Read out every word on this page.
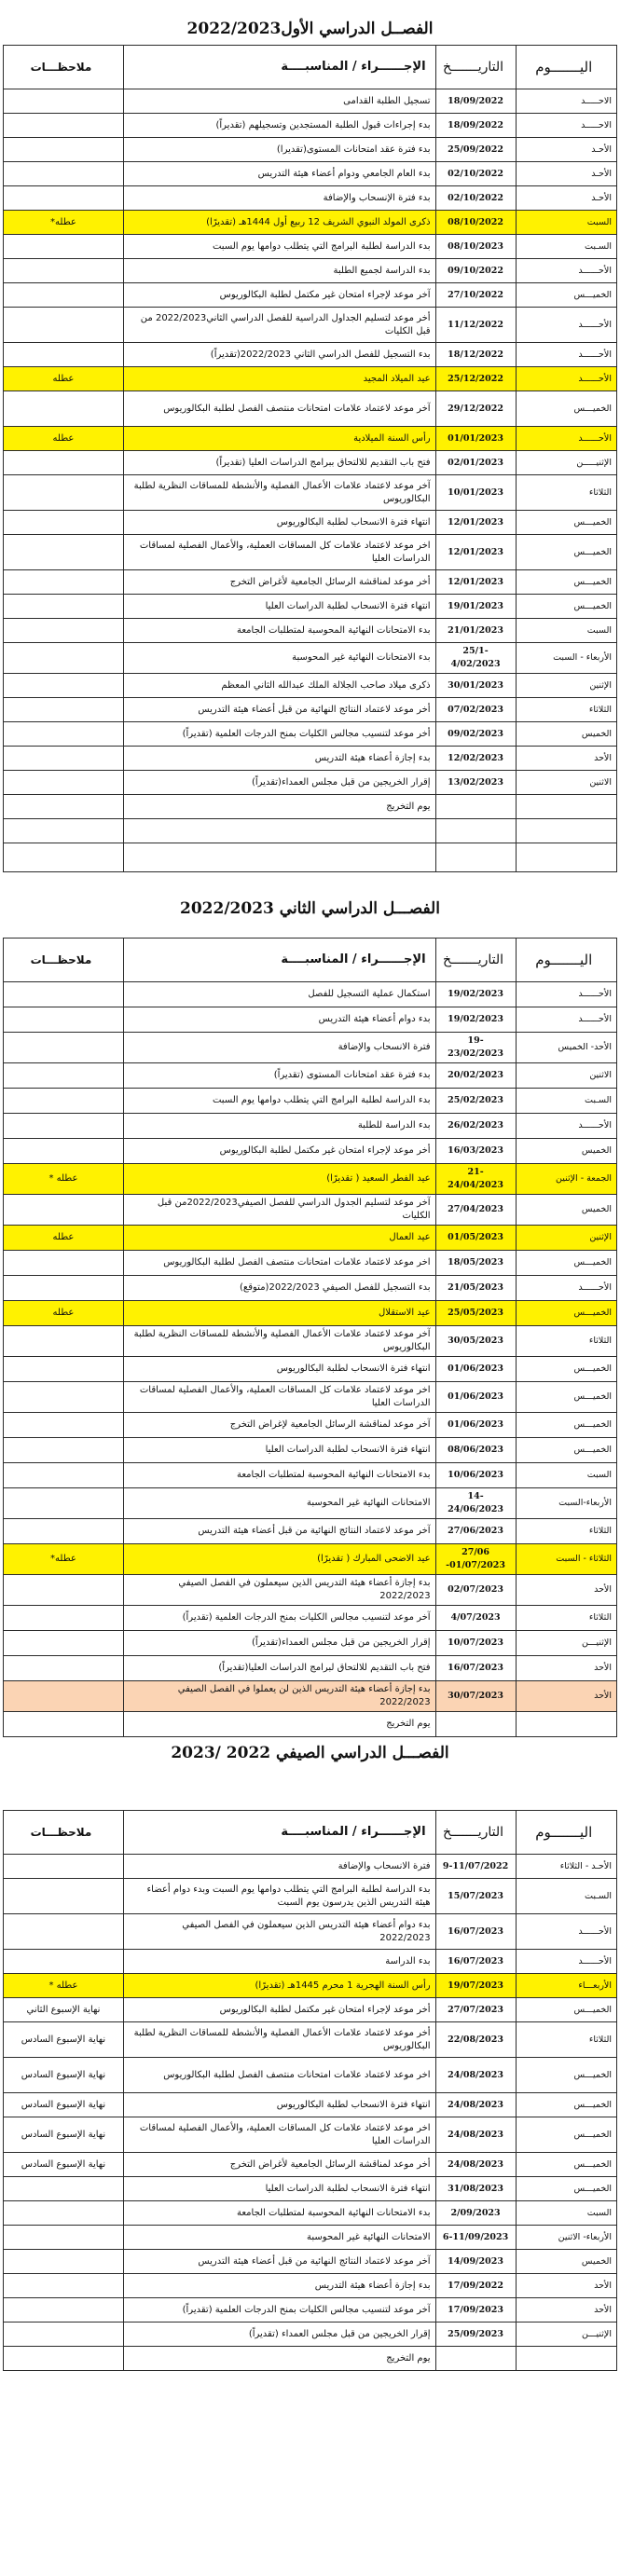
الفصــل الدراسي الأول2022/2023
اليـــــــوم	التاريـــــــخ	الإجــــــراء / المناسبــــة	ملاحظـــات
الاحـــــد	18/09/2022	تسجيل الطلبة القدامى	
الاحـــــد	18/09/2022	بدء إجراءات قبول الطلبة المستجدين وتسجيلهم (تقديراً)	
الأحـد	25/09/2022	بدء فترة عقد امتحانات المستوى(تقديرا)	
الأحـد	02/10/2022	بدء العام الجامعي ودوام أعضاء هيئة التدريس	
الأحـد	02/10/2022	بدء فترة الإنسحاب والإضافة	
السبت	08/10/2022	ذكرى المولد النبوي الشريف 12 ربيع أول 1444هـ (تقديرًا)	عطله*
السـبت	08/10/2023	بدء الدراسة لطلبة البرامج التي يتطلب دوامها يوم السبت	
الأحــــــد	09/10/2022	بدء الدراسة لجميع الطلبة	
الخميـــس	27/10/2022	آخر موعد لإجراء امتحان غير مكتمل لطلبة البكالوريوس	
الأحــــــد	11/12/2022	أخر موعد لتسليم الجداول الدراسية للفصل الدراسي الثاني2022/2023 من قبل الكليات	
الأحــــــد	18/12/2022	بدء التسجيل للفصل الدراسي الثاني 2022/2023(تقديراً)	
الأحــــــد	25/12/2022	عيد الميلاد المجيد	عطله
الخميـــس	29/12/2022	آخر موعد لاعتماد علامات امتحانات منتصف الفصل لطلبة البكالوريوس	
الأحــــــد	01/01/2023	رأس السنة الميلادية	عطله
الإثنيـــــن	02/01/2023	فتح باب التقديم للالتحاق ببرامج الدراسات العليا (تقديراً)	
الثلاثاء	10/01/2023	آخر موعد لاعتماد علامات الأعمال الفصلية والأنشطة للمساقات النظرية لطلبة البكالوريوس	
الخميـــس	12/01/2023	انتهاء فترة الانسحاب لطلبة البكالوريوس	
الخميـــس	12/01/2023	اخر موعد لاعتماد علامات كل المساقات العملية، والأعمال الفصلية لمساقات الدراسات العليا	
الخميـــس	12/01/2023	أخر موعد لمناقشة الرسائل الجامعية لأغراض التخرج	
الخميـــس	19/01/2023	انتهاء فترة الانسحاب لطلبة الدراسات العليا	
السبت	21/01/2023	بدء الامتحانات النهائية المحوسبة لمتطلبات الجامعة	
الأربعاء - السبت	25/1-4/02/2023	بدء الامتحانات النهائية غير المحوسبة	
الإثنين	30/01/2023	ذكرى ميلاد صاحب الجلالة الملك عبدالله الثاني المعظم	
الثلاثاء	07/02/2023	أخر موعد لاعتماد النتائج النهائية من قبل أعضاء هيئة التدريس	
الخميس	09/02/2023	أخر موعد لتنسيب مجالس الكليات بمنح الدرجات العلمية (تقديراً)	
الأحد	12/02/2023	بدء إجازة أعضاء هيئة التدريس	
الاثنين	13/02/2023	إقرار الخريجين من قبل مجلس العمداء(تقديراً)	
		يوم التخريج	

الفصـــل الدراسي الثاني 2022/2023
اليـــــــوم	التاريـــــــخ	الإجــــــراء / المناسبــــة	ملاحظـــات
الأحــــــد	19/02/2023	استكمال عملية التسجيل للفصل	
الأحــــــد	19/02/2023	بدء دوام أعضاء هيئة التدريس	
الأحد- الخميس	19-23/02/2023	فترة الانسحاب والإضافة	
الاثنين	20/02/2023	بدء فترة عقد امتحانات المستوى (تقديراً)	
السـبت	25/02/2023	بدء الدراسة لطلبة البرامج التي يتطلب دوامها يوم السبت	
الأحــــــد	26/02/2023	بدء الدراسة للطلبة	
الخميس	16/03/2023	أخر موعد لإجراء امتحان غير مكتمل لطلبة البكالوريوس	
الجمعة - الإثنين	21-24/04/2023	عيد الفطر السعيد ( تقديرًا)	عطله *
الخميس	27/04/2023	آخر موعد لتسليم الجدول الدراسي للفصل الصيفي2022/2023من قبل الكليات	
الإثنين	01/05/2023	عيد العمال	عطله
الخميـــس	18/05/2023	اخر موعد لاعتماد علامات امتحانات منتصف الفصل لطلبة البكالوريوس	
الأحــــــد	21/05/2023	بدء التسجيل للفصل الصيفي 2022/2023(متوقع)	
الخميـــس	25/05/2023	عيد الاستقلال	عطله
الثلاثاء	30/05/2023	آخر موعد لاعتماد علامات الأعمال الفصلية والأنشطة للمساقات النظرية لطلبة البكالوريوس	
الخميـــس	01/06/2023	انتهاء فترة الانسحاب لطلبة البكالوريوس	
الخميـــس	01/06/2023	اخر موعد لاعتماد علامات كل المساقات العملية، والأعمال الفصلية لمساقات الدراسات العليا	
الخميـــس	01/06/2023	آخر موعد لمناقشة الرسائل الجامعية لإغراض التخرج	
الخميـــس	08/06/2023	انتهاء فترة الانسحاب لطلبة الدراسات العليا	
السبت	10/06/2023	بدء الامتحانات النهائية المحوسبة لمتطلبات الجامعة	
الأربعاء-السبت	14-24/06/2023	الامتحانات النهائية غير المحوسبة	
الثلاثاء	27/06/2023	آخر موعد لاعتماد النتائج النهائية من قبل أعضاء هيئة التدريس	
الثلاثاء - السبت	27/06 -01/07/2023	عيد الاضحى المبارك ( تقديرًا)	عطله*
الأحد	02/07/2023	بدء إجازة أعضاء هيئة التدريس الذين سيعملون في الفصل الصيفي 2022/2023	
الثلاثاء	4/07/2023	آخر موعد لتنسيب مجالس الكليات بمنح الدرجات العلمية (تقديراً)	
الإثنيـــن	10/07/2023	إقرار الخريجين من قبل مجلس العمداء(تقديراً)	
الأحد	16/07/2023	فتح باب التقديم للالتحاق لبرامج الدراسات العليا(تقديراً)	
الأحد	30/07/2023	بدء إجازة أعضاء هيئة التدريس الذين لن يعملوا في الفصل الصيفي 2022/2023	
		يوم التخريج	
الفصـــل الدراسي الصيفي 2022 /2023
اليـــــــوم	التاريـــــــخ	الإجــــــراء / المناسبــــة	ملاحظـــات
الأحـد - الثلاثاء	9-11/07/2022	فترة الانسحاب والإضافة	
السـبت	15/07/2023	بدء الدراسة لطلبة البرامج التي يتطلب دوامها يوم السبت وبدء دوام أعضاء هيئة التدريس الذين يدرسون يوم السبت	
الأحــــــد	16/07/2023	بدء دوام أعضاء هيئة التدريس الذين سيعملون في الفصل الصيفي 2022/2023	
الأحــــــد	16/07/2023	بدء الدراسة	
الأربعـــاء	19/07/2023	رأس السنة الهجرية 1 محرم 1445هـ (تقديرًا)	عطله *
الخميـــس	27/07/2023	أخر موعد لإجراء امتحان غير مكتمل لطلبة البكالوريوس	نهاية الإسبوع الثاني
الثلاثاء	22/08/2023	أخر موعد لاعتماد علامات الأعمال الفصلية والأنشطة للمساقات النظرية لطلبة البكالوريوس	نهاية الإسبوع السادس
الخميـــس	24/08/2023	اخر موعد لاعتماد علامات امتحانات منتصف الفصل لطلبة البكالوريوس	نهاية الإسبوع السادس
الخميـــس	24/08/2023	انتهاء فترة الانسحاب لطلبة البكالوريوس	نهاية الإسبوع السادس
الخميـــس	24/08/2023	اخر موعد لاعتماد علامات كل المساقات العملية، والأعمال الفصلية لمساقات الدراسات العليا	نهاية الإسبوع السادس
الخميـــس	24/08/2023	أخر موعد لمناقشة الرسائل الجامعية لأغراض التخرج	نهاية الإسبوع السادس
الخميـــس	31/08/2023	انتهاء فترة الانسحاب لطلبة الدراسات العليا	
السبت	2/09/2023	بدء الامتحانات النهائية المحوسبة لمتطلبات الجامعة	
الأربعاء- الاثنين	6-11/09/2023	الامتحانات النهائية غير المحوسبة	
الخميس	14/09/2023	آخر موعد لاعتماد النتائج النهائية من قبل أعضاء هيئة التدريس	
الأحد	17/09/2022	بدء إجازة أعضاء هيئة التدريس	
الأحد	17/09/2023	آخر موعد لتنسيب مجالس الكليات بمنح الدرجات العلمية (تقديراً)	
الإثنيـــن	25/09/2023	إقرار الخريجين من قبل مجلس العمداء (تقديراً)	
		يوم التخريج	
